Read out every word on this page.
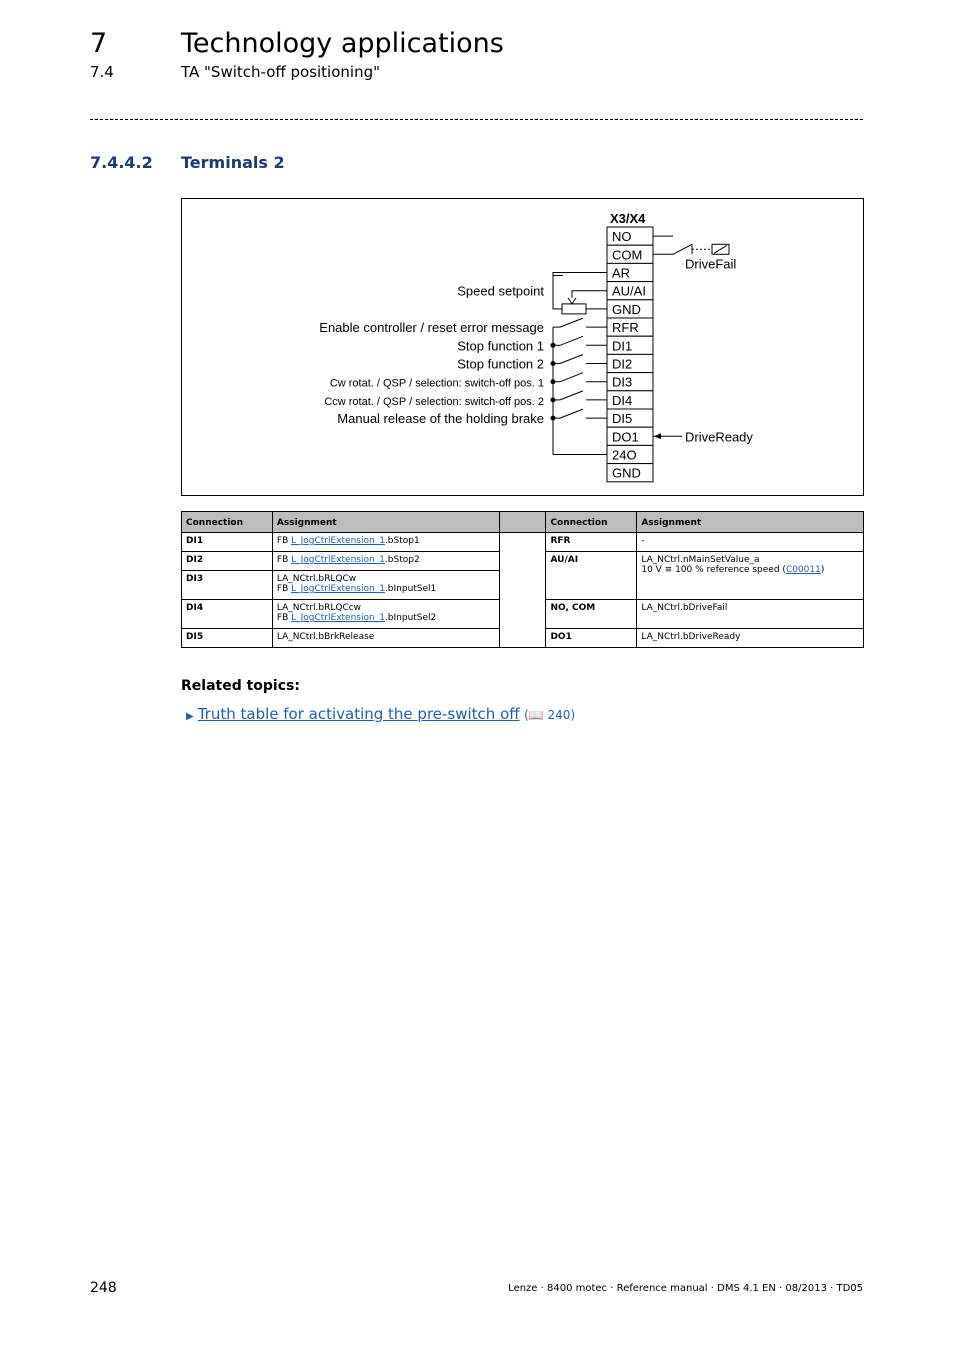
7	Technology applications
7.4	TA "Switch-off positioning"
7.4.4.2 Terminals 2
X3/X4
NO
COM
AR
AU/AI
GND
RFR
DI1
DI2
DI3
DI4
DI5
DO1
24O
GND
Speed setpoint
Enable controller / reset error message
Stop function 1
Stop function 2
Cw rotat. / QSP / selection: switch-off pos. 1
Ccw rotat. / QSP / selection: switch-off pos. 2
Manual release of the holding brake
DriveFail
DriveReady
Connection	Assignment		Connection	Assignment
DI1	FB L_JogCtrlExtension_1.bStop1		RFR	-
DI2	FB L_JogCtrlExtension_1.bStop2		AU/AI	LA_NCtrl.nMainSetValue_a
10 V ≡ 100 % reference speed (C00011)

DI3	LA_NCtrl.bRLQCw
FB L_JogCtrlExtension_1.bInputSel1			

DI4	LA_NCtrl.bRLQCcw
FB L_JogCtrlExtension_1.bInputSel2		NO, COM	LA_NCtrl.bDriveFail
DI5	LA_NCtrl.bBrkRelease		DO1	LA_NCtrl.bDriveReady
Related topics:
▶ Truth table for activating the pre-switch off (📖 240)
248	Lenze · 8400 motec · Reference manual · DMS 4.1 EN · 08/2013 · TD05
